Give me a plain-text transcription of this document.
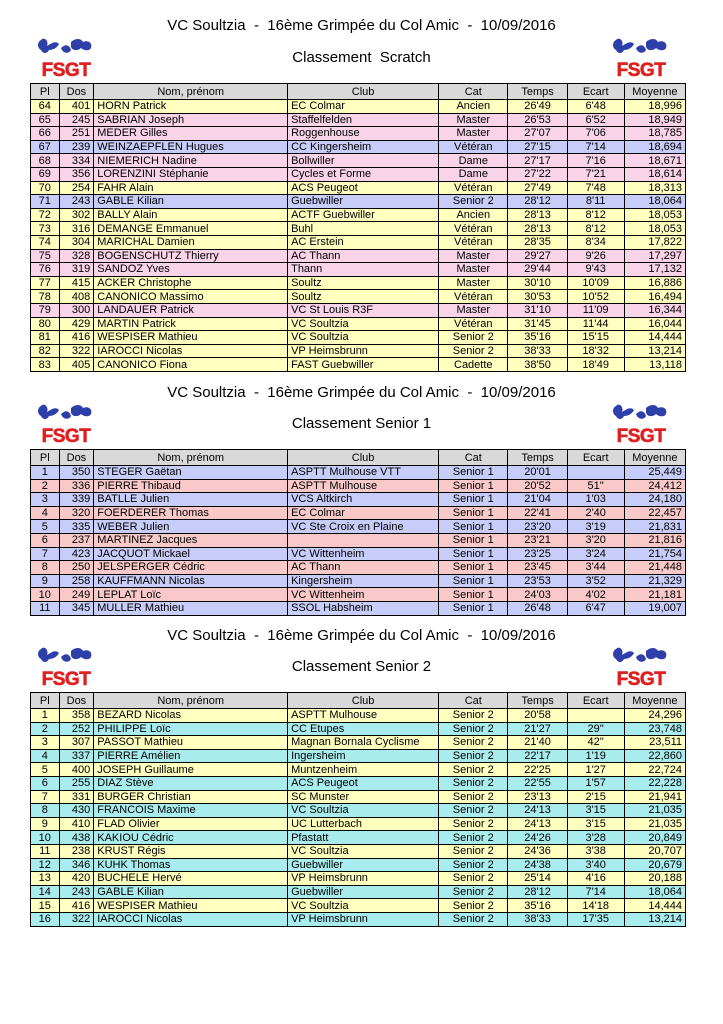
VC Soultzia  -  16ème Grimpée du Col Amic  -  10/09/2016
FSGT	FSGT
Classement  Scratch
Pl	Dos	Nom, prénom	Club	Cat	Temps	Ecart	Moyenne
64	401	HORN Patrick	EC Colmar	Ancien	26'49	6'48	18,996
65	245	SABRIAN Joseph	Staffelfelden	Master	26'53	6'52	18,949
66	251	MEDER Gilles	Roggenhouse	Master	27'07	7'06	18,785
67	239	WEINZAEPFLEN Hugues	CC Kingersheim	Vétéran	27'15	7'14	18,694
68	334	NIEMERICH Nadine	Bollwiller	Dame	27'17	7'16	18,671
69	356	LORENZINI Stéphanie	Cycles et Forme	Dame	27'22	7'21	18,614
70	254	FAHR Alain	ACS Peugeot	Vétéran	27'49	7'48	18,313
71	243	GABLE Kilian	Guebwiller	Senior 2	28'12	8'11	18,064
72	302	BALLY Alain	ACTF Guebwiller	Ancien	28'13	8'12	18,053
73	316	DEMANGE Emmanuel	Buhl	Vétéran	28'13	8'12	18,053
74	304	MARICHAL Damien	AC Erstein	Vétéran	28'35	8'34	17,822
75	328	BOGENSCHUTZ Thierry	AC Thann	Master	29'27	9'26	17,297
76	319	SANDOZ Yves	Thann	Master	29'44	9'43	17,132
77	415	ACKER Christophe	Soultz	Master	30'10	10'09	16,886
78	408	CANONICO Massimo	Soultz	Vétéran	30'53	10'52	16,494
79	300	LANDAUER Patrick	VC St Louis R3F	Master	31'10	11'09	16,344
80	429	MARTIN Patrick	VC Soultzia	Vétéran	31'45	11'44	16,044
81	416	WESPISER Mathieu	VC Soultzia	Senior 2	35'16	15'15	14,444
82	322	IAROCCI Nicolas	VP Heimsbrunn	Senior 2	38'33	18'32	13,214
83	405	CANONICO Fiona	FAST Guebwiller	Cadette	38'50	18'49	13,118
VC Soultzia  -  16ème Grimpée du Col Amic  -  10/09/2016
FSGT	FSGT
Classement Senior 1
Pl	Dos	Nom, prénom	Club	Cat	Temps	Ecart	Moyenne
1	350	STEGER Gaëtan	ASPTT Mulhouse VTT	Senior 1	20'01		25,449
2	336	PIERRE Thibaud	ASPTT Mulhouse	Senior 1	20'52	51''	24,412
3	339	BATLLE Julien	VCS Altkirch	Senior 1	21'04	1'03	24,180
4	320	FOERDERER Thomas	EC Colmar	Senior 1	22'41	2'40	22,457
5	335	WEBER Julien	VC Ste Croix en Plaine	Senior 1	23'20	3'19	21,831
6	237	MARTINEZ Jacques		Senior 1	23'21	3'20	21,816
7	423	JACQUOT Mickael	VC Wittenheim	Senior 1	23'25	3'24	21,754
8	250	JELSPERGER Cédric	AC Thann	Senior 1	23'45	3'44	21,448
9	258	KAUFFMANN Nicolas	Kingersheim	Senior 1	23'53	3'52	21,329
10	249	LEPLAT Loïc	VC Wittenheim	Senior 1	24'03	4'02	21,181
11	345	MULLER Mathieu	SSOL Habsheim	Senior 1	26'48	6'47	19,007
VC Soultzia  -  16ème Grimpée du Col Amic  -  10/09/2016
FSGT	FSGT
Classement Senior 2
Pl	Dos	Nom, prénom	Club	Cat	Temps	Ecart	Moyenne
1	358	BEZARD Nicolas	ASPTT Mulhouse	Senior 2	20'58		24,296
2	252	PHILIPPE Loïc	CC Etupes	Senior 2	21'27	29''	23,748
3	307	PASSOT Mathieu	Magnan Bornala Cyclisme	Senior 2	21'40	42''	23,511
4	337	PIERRE Amélien	Ingersheim	Senior 2	22'17	1'19	22,860
5	400	JOSEPH Guillaume	Muntzenheim	Senior 2	22'25	1'27	22,724
6	255	DIAZ Stève	ACS Peugeot	Senior 2	22'55	1'57	22,228
7	331	BURGER Christian	SC Munster	Senior 2	23'13	2'15	21,941
8	430	FRANCOIS Maxime	VC Soultzia	Senior 2	24'13	3'15	21,035
9	410	FLAD Olivier	UC Lutterbach	Senior 2	24'13	3'15	21,035
10	438	KAKIOU Cédric	Pfastatt	Senior 2	24'26	3'28	20,849
11	238	KRUST Régis	VC Soultzia	Senior 2	24'36	3'38	20,707
12	346	KUHK Thomas	Guebwiller	Senior 2	24'38	3'40	20,679
13	420	BUCHELE Hervé	VP Heimsbrunn	Senior 2	25'14	4'16	20,188
14	243	GABLE Kilian	Guebwiller	Senior 2	28'12	7'14	18,064
15	416	WESPISER Mathieu	VC Soultzia	Senior 2	35'16	14'18	14,444
16	322	IAROCCI Nicolas	VP Heimsbrunn	Senior 2	38'33	17'35	13,214
